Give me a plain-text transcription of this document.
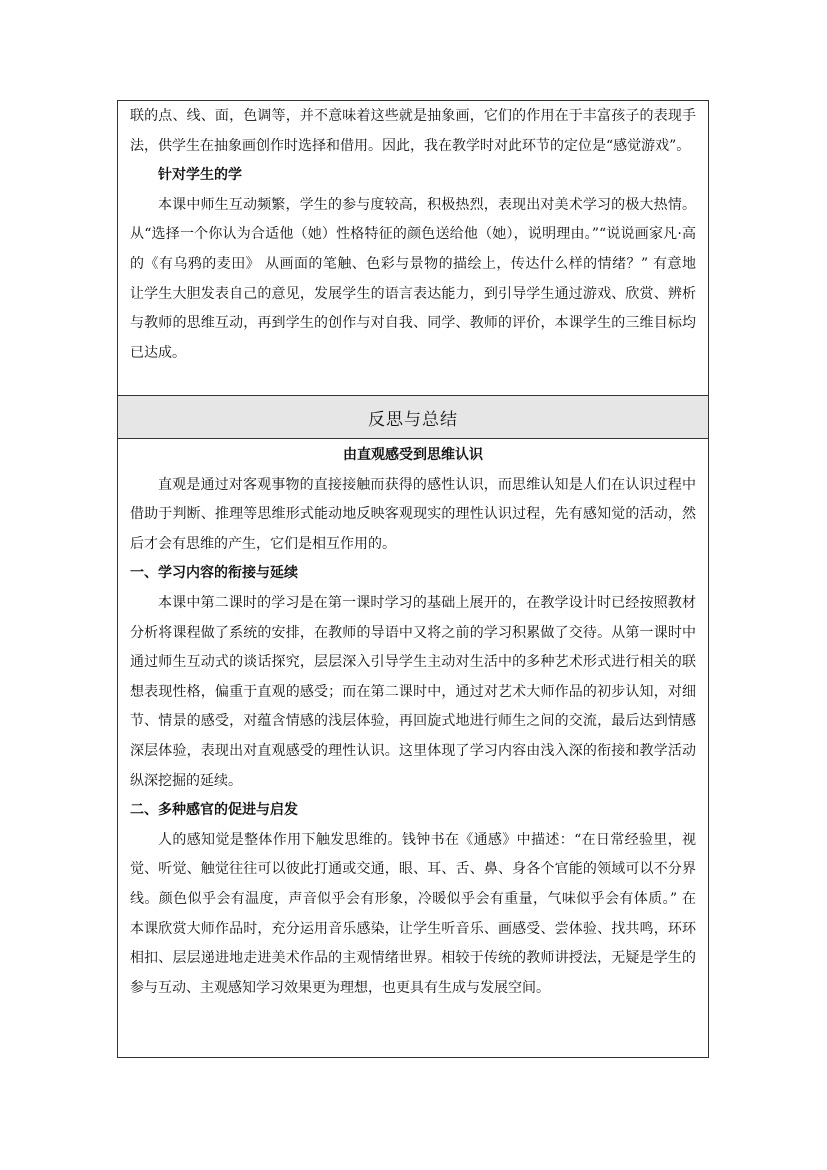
联的点、线、面，色调等，并不意味着这些就是抽象画，它们的作用在于丰富孩子的表现手

法，供学生在抽象画创作时选择和借用。因此，我在教学时对此环节的定位是“感觉游戏”。

针对学生的学

本课中师生互动频繁，学生的参与度较高，积极热烈，表现出对美术学习的极大热情。

从“选择一个你认为合适他（她）性格特征的颜色送给他（她），说明理由。”“说说画家凡·高

的《有乌鸦的麦田》 从画面的笔触、色彩与景物的描绘上，传达什么样的情绪？” 有意地

让学生大胆发表自己的意见，发展学生的语言表达能力，到引导学生通过游戏、欣赏、辨析

与教师的思维互动，再到学生的创作与对自我、同学、教师的评价，本课学生的三维目标均

已达成。

反思与总结
由直观感受到思维认识

直观是通过对客观事物的直接接触而获得的感性认识，而思维认知是人们在认识过程中

借助于判断、推理等思维形式能动地反映客观现实的理性认识过程，先有感知觉的活动，然

后才会有思维的产生，它们是相互作用的。

一、学习内容的衔接与延续

本课中第二课时的学习是在第一课时学习的基础上展开的，在教学设计时已经按照教材

分析将课程做了系统的安排，在教师的导语中又将之前的学习积累做了交待。从第一课时中

通过师生互动式的谈话探究，层层深入引导学生主动对生活中的多种艺术形式进行相关的联

想表现性格，偏重于直观的感受；而在第二课时中，通过对艺术大师作品的初步认知，对细

节、情景的感受，对蕴含情感的浅层体验，再回旋式地进行师生之间的交流，最后达到情感

深层体验，表现出对直观感受的理性认识。这里体现了学习内容由浅入深的衔接和教学活动

纵深挖掘的延续。

二、多种感官的促进与启发

人的感知觉是整体作用下触发思维的。钱钟书在《通感》中描述：“在日常经验里，视

觉、听觉、触觉往往可以彼此打通或交通，眼、耳、舌、鼻、身各个官能的领域可以不分界

线。颜色似乎会有温度，声音似乎会有形象，冷暖似乎会有重量，气味似乎会有体质。” 在

本课欣赏大师作品时，充分运用音乐感染，让学生听音乐、画感受、尝体验、找共鸣，环环

相扣、层层递进地走进美术作品的主观情绪世界。相较于传统的教师讲授法，无疑是学生的

参与互动、主观感知学习效果更为理想，也更具有生成与发展空间。
